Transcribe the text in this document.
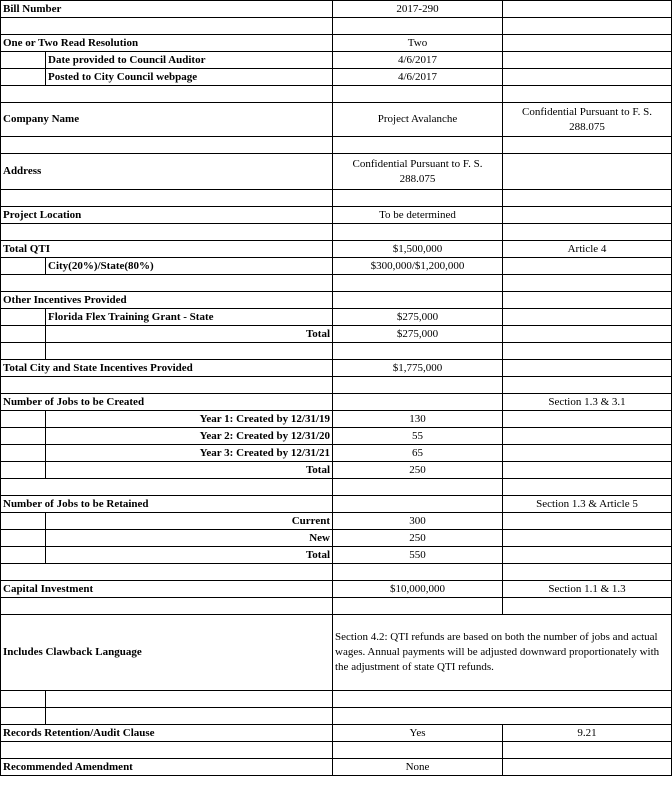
Bill Number		2017-290	

One or Two Read Resolution		Two	
	Date provided to Council Auditor	4/6/2017	
	Posted to City Council webpage	4/6/2017	

Company Name		Project Avalanche	Confidential Pursuant to F. S. 288.075

Address		Confidential Pursuant to F. S. 288.075	

Project Location		To be determined	

Total QTI		$1,500,000	Article 4
	City(20%)/State(80%)	$300,000/$1,200,000	

Other Incentives Provided			
	Florida Flex Training Grant - State	$275,000	
	Total	$275,000	

Total City and State Incentives Provided		$1,775,000	

Number of Jobs to be Created			Section 1.3 & 3.1
	Year 1: Created by 12/31/19	130	
	Year 2: Created by 12/31/20	55	
	Year 3: Created by 12/31/21	65	
	Total	250	

Number of Jobs to be Retained			Section 1.3 & Article 5
	Current	300	
	New	250	
	Total	550	

Capital Investment		$10,000,000	Section 1.1 & 1.3

Includes Clawback Language		Section 4.2: QTI refunds are based on both the number of jobs and actual wages. Annual payments will be adjusted downward proportionately with the adjustment of state QTI refunds.	

Records Retention/Audit Clause		Yes	9.21

Recommended Amendment		None	
